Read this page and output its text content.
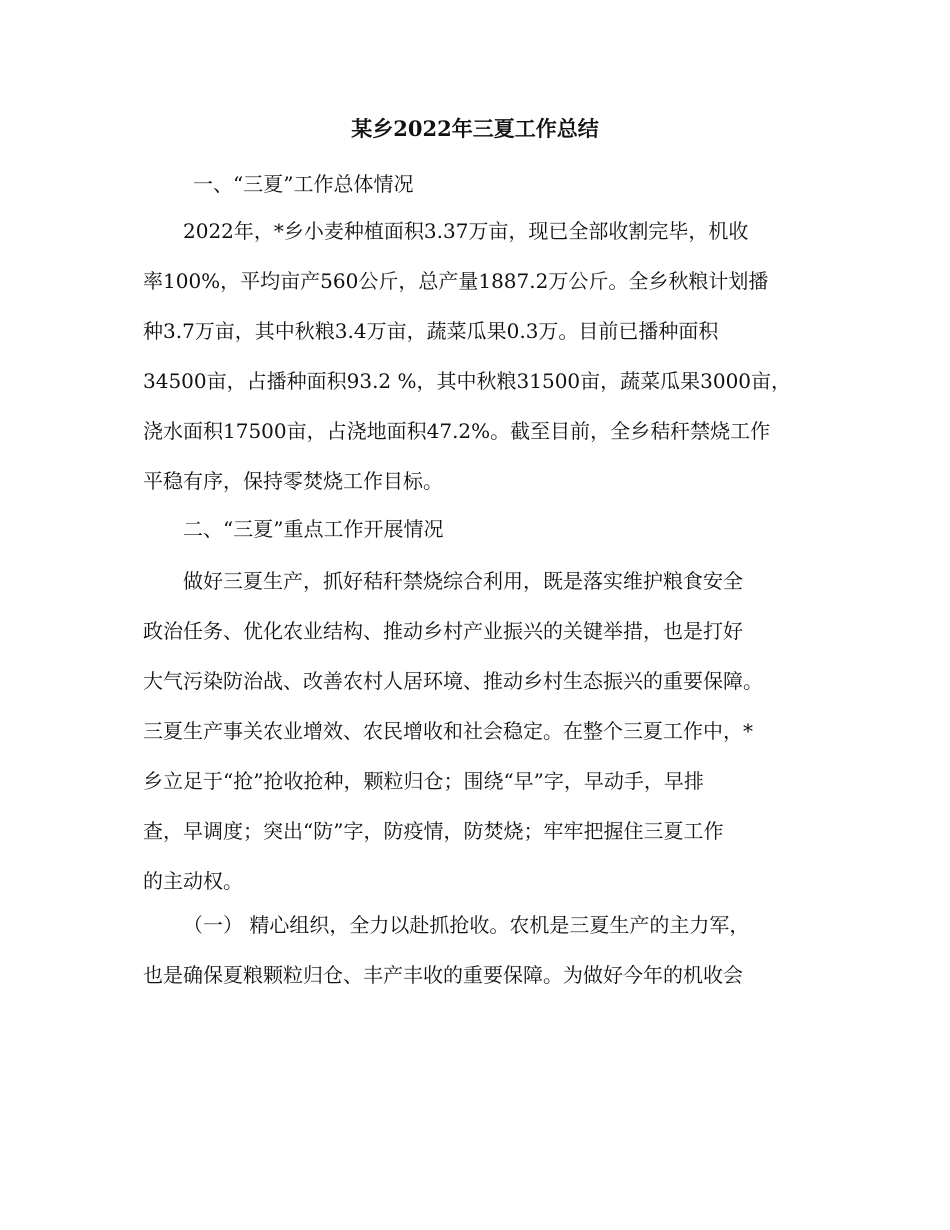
某乡2022年三夏工作总结

一、“三夏”工作总体情况

2022年，*乡小麦种植面积3.37万亩，现已全部收割完毕，机收
率100%，平均亩产560公斤，总产量1887.2万公斤。全乡秋粮计划播
种3.7万亩，其中秋粮3.4万亩，蔬菜瓜果0.3万。目前已播种面积
34500亩，占播种面积93.2 %，其中秋粮31500亩，蔬菜瓜果3000亩，
浇水面积17500亩，占浇地面积47.2%。截至目前，全乡秸秆禁烧工作
平稳有序，保持零焚烧工作目标。

二、“三夏”重点工作开展情况

做好三夏生产，抓好秸秆禁烧综合利用，既是落实维护粮食安全
政治任务、优化农业结构、推动乡村产业振兴的关键举措，也是打好
大气污染防治战、改善农村人居环境、推动乡村生态振兴的重要保障。
三夏生产事关农业增效、农民增收和社会稳定。在整个三夏工作中，*
乡立足于“抢”抢收抢种，颗粒归仓；围绕“早”字，早动手，早排
查，早调度；突出“防”字，防疫情，防焚烧；牢牢把握住三夏工作
的主动权。
（一） 精心组织，全力以赴抓抢收。农机是三夏生产的主力军，
也是确保夏粮颗粒归仓、丰产丰收的重要保障。为做好今年的机收会
